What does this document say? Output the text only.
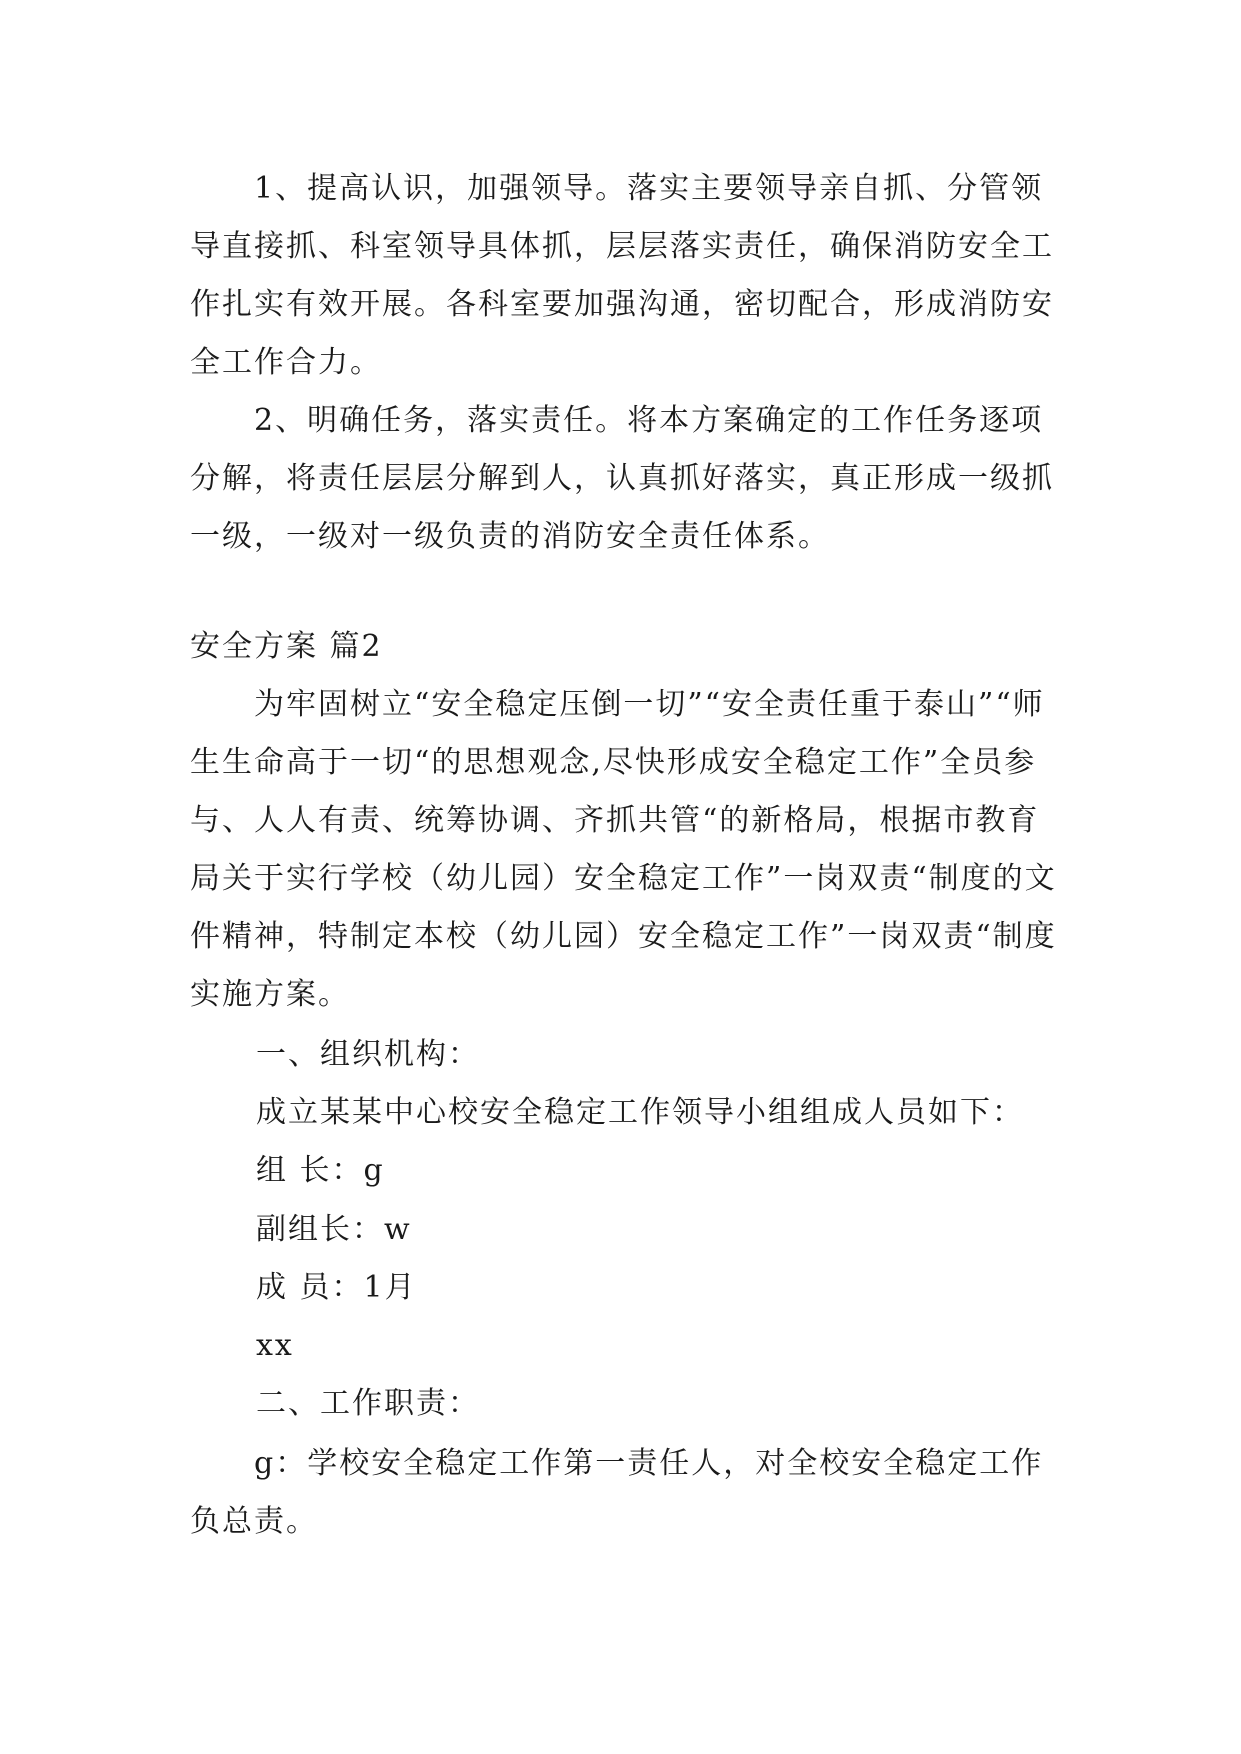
　　1、提高认识，加强领导。落实主要领导亲自抓、分管领导直接抓、科室领导具体抓，层层落实责任，确保消防安全工作扎实有效开展。各科室要加强沟通，密切配合，形成消防安全工作合力。

　　2、明确任务，落实责任。将本方案确定的工作任务逐项分解，将责任层层分解到人，认真抓好落实，真正形成一级抓一级，一级对一级负责的消防安全责任体系。

安全方案 篇2

　　为牢固树立“安全稳定压倒一切”“安全责任重于泰山”“师生生命高于一切“的思想观念,尽快形成安全稳定工作”全员参与、人人有责、统筹协调、齐抓共管“的新格局，根据市教育局关于实行学校（幼儿园）安全稳定工作”一岗双责“制度的文件精神，特制定本校（幼儿园）安全稳定工作”一岗双责“制度实施方案。

一、组织机构：

成立某某中心校安全稳定工作领导小组组成人员如下：

组 长：g

副组长：w

成 员：1月

xx

二、工作职责：

　　g：学校安全稳定工作第一责任人，对全校安全稳定工作负总责。
